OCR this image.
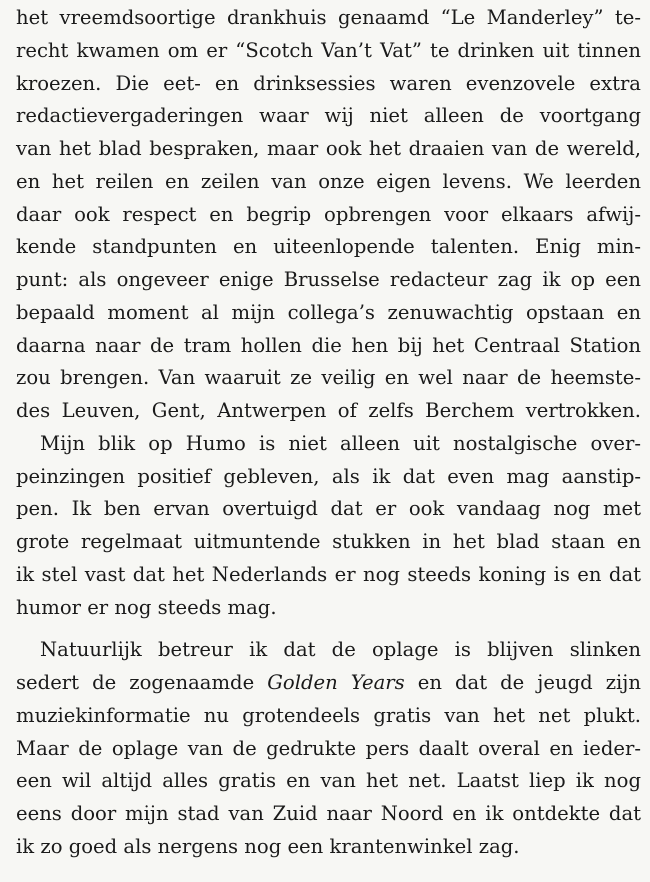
het vreemdsoortige drankhuis genaamd “Le Manderley” te-
recht kwamen om er “Scotch Van’t Vat” te drinken uit tinnen
kroezen. Die eet- en drinksessies waren evenzovele extra
redactievergaderingen waar wij niet alleen de voortgang
van het blad bespraken, maar ook het draaien van de wereld,
en het reilen en zeilen van onze eigen levens. We leerden
daar ook respect en begrip opbrengen voor elkaars afwij-
kende standpunten en uiteenlopende talenten. Enig min-
punt: als ongeveer enige Brusselse redacteur zag ik op een
bepaald moment al mijn collega’s zenuwachtig opstaan en
daarna naar de tram hollen die hen bij het Centraal Station
zou brengen. Van waaruit ze veilig en wel naar de heemste-
des Leuven, Gent, Antwerpen of zelfs Berchem vertrokken.
Mijn blik op Humo is niet alleen uit nostalgische over-
peinzingen positief gebleven, als ik dat even mag aanstip-
pen. Ik ben ervan overtuigd dat er ook vandaag nog met
grote regelmaat uitmuntende stukken in het blad staan en
ik stel vast dat het Nederlands er nog steeds koning is en dat
humor er nog steeds mag.
Natuurlijk betreur ik dat de oplage is blijven slinken
sedert de zogenaamde Golden Years en dat de jeugd zijn
muziekinformatie nu grotendeels gratis van het net plukt.
Maar de oplage van de gedrukte pers daalt overal en ieder-
een wil altijd alles gratis en van het net. Laatst liep ik nog
eens door mijn stad van Zuid naar Noord en ik ontdekte dat
ik zo goed als nergens nog een krantenwinkel zag.
